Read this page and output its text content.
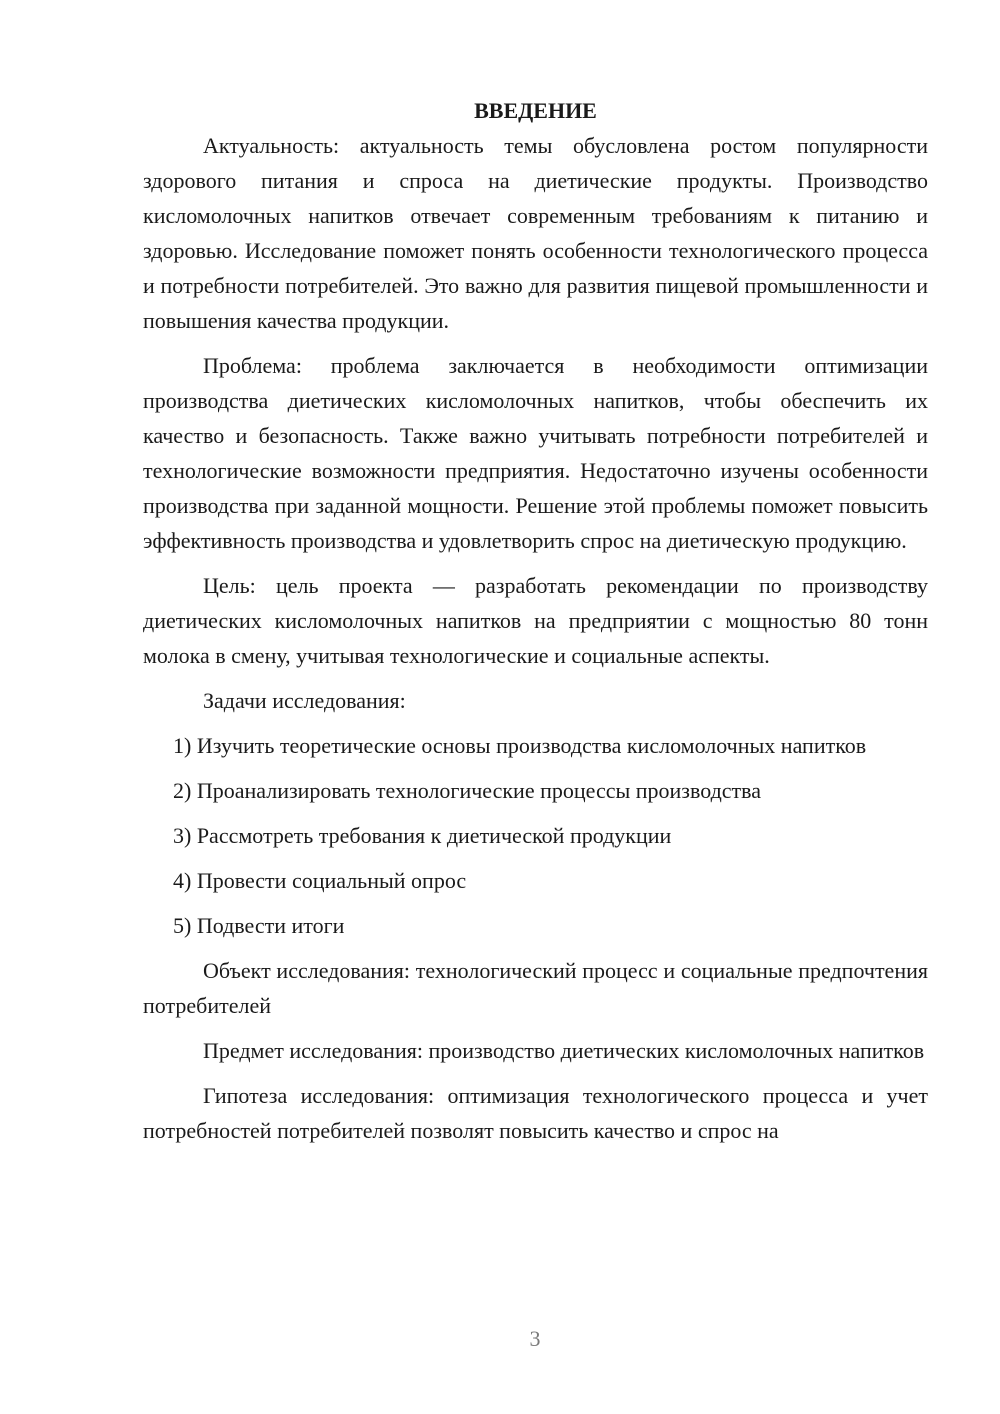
ВВЕДЕНИЕ

Актуальность: актуальность темы обусловлена ростом популярности здорового питания и спроса на диетические продукты. Производство кисломолочных напитков отвечает современным требованиям к питанию и здоровью. Исследование поможет понять особенности технологического процесса и потребности потребителей. Это важно для развития пищевой промышленности и повышения качества продукции.

Проблема: проблема заключается в необходимости оптимизации производства диетических кисломолочных напитков, чтобы обеспечить их качество и безопасность. Также важно учитывать потребности потребителей и технологические возможности предприятия. Недостаточно изучены особенности производства при заданной мощности. Решение этой проблемы поможет повысить эффективность производства и удовлетворить спрос на диетическую продукцию.

Цель: цель проекта — разработать рекомендации по производству диетических кисломолочных напитков на предприятии с мощностью 80 тонн молока в смену, учитывая технологические и социальные аспекты.

Задачи исследования:

1) Изучить теоретические основы производства кисломолочных напитков

2) Проанализировать технологические процессы производства

3) Рассмотреть требования к диетической продукции

4) Провести социальный опрос

5) Подвести итоги

Объект исследования: технологический процесс и социальные предпочтения потребителей

Предмет исследования: производство диетических кисломолочных напитков

Гипотеза исследования: оптимизация технологического процесса и учет потребностей потребителей позволят повысить качество и спрос на

3
